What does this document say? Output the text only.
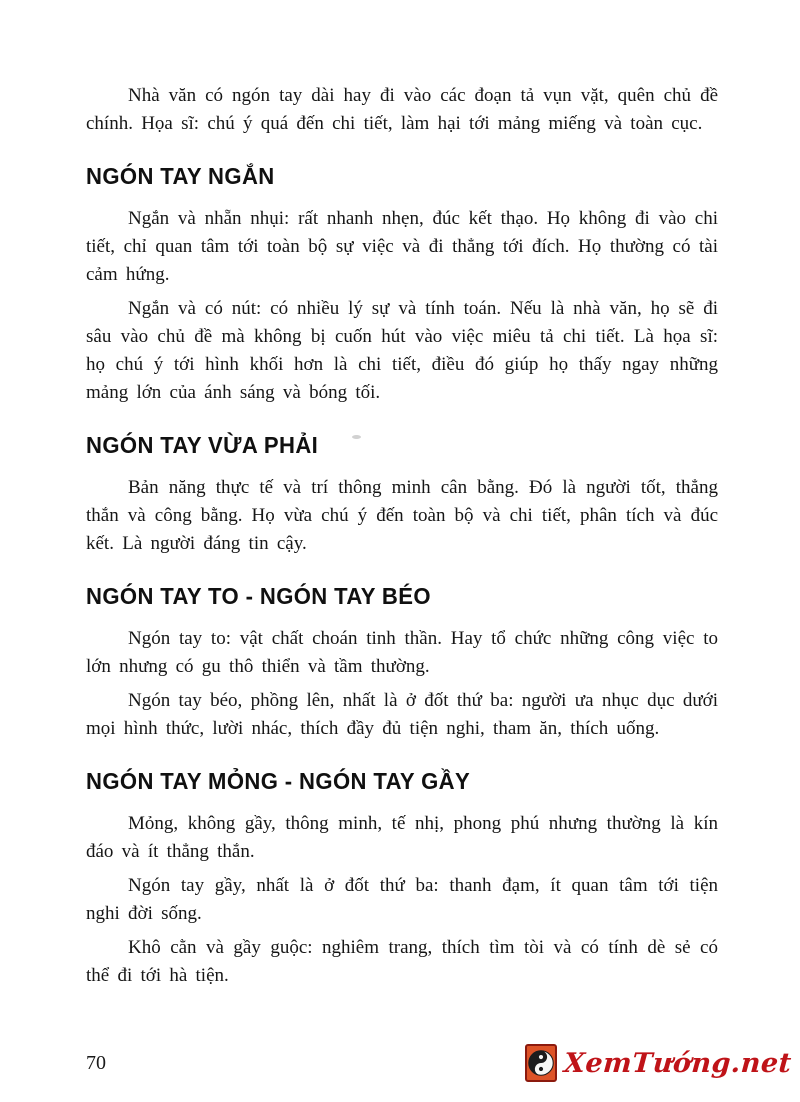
Nhà văn có ngón tay dài hay đi vào các đoạn tả vụn vặt, quên chủ đề chính. Họa sĩ: chú ý quá đến chi tiết, làm hại tới mảng miếng và toàn cục.

NGÓN TAY NGẮN

Ngắn và nhẵn nhụi: rất nhanh nhẹn, đúc kết thạo. Họ không đi vào chi tiết, chỉ quan tâm tới toàn bộ sự việc và đi thẳng tới đích. Họ thường có tài cảm hứng.

Ngắn và có nút: có nhiều lý sự và tính toán. Nếu là nhà văn, họ sẽ đi sâu vào chủ đề mà không bị cuốn hút vào việc miêu tả chi tiết. Là họa sĩ: họ chú ý tới hình khối hơn là chi tiết, điều đó giúp họ thấy ngay những mảng lớn của ánh sáng và bóng tối.

NGÓN TAY VỪA PHẢI

Bản năng thực tế và trí thông minh cân bằng. Đó là người tốt, thẳng thắn và công bằng. Họ vừa chú ý đến toàn bộ và chi tiết, phân tích và đúc kết. Là người đáng tin cậy.

NGÓN TAY TO - NGÓN TAY BÉO

Ngón tay to: vật chất choán tinh thần. Hay tổ chức những công việc to lớn nhưng có gu thô thiển và tầm thường.

Ngón tay béo, phồng lên, nhất là ở đốt thứ ba: người ưa nhục dục dưới mọi hình thức, lười nhác, thích đầy đủ tiện nghi, tham ăn, thích uống.

NGÓN TAY MỎNG - NGÓN TAY GẦY

Mỏng, không gầy, thông minh, tế nhị, phong phú nhưng thường là kín đáo và ít thẳng thắn.

Ngón tay gầy, nhất là ở đốt thứ ba: thanh đạm, ít quan tâm tới tiện nghi đời sống.

Khô cằn và gầy guộc: nghiêm trang, thích tìm tòi và có tính dè sẻ có thể đi tới hà tiện.

70	XemTướng.net
